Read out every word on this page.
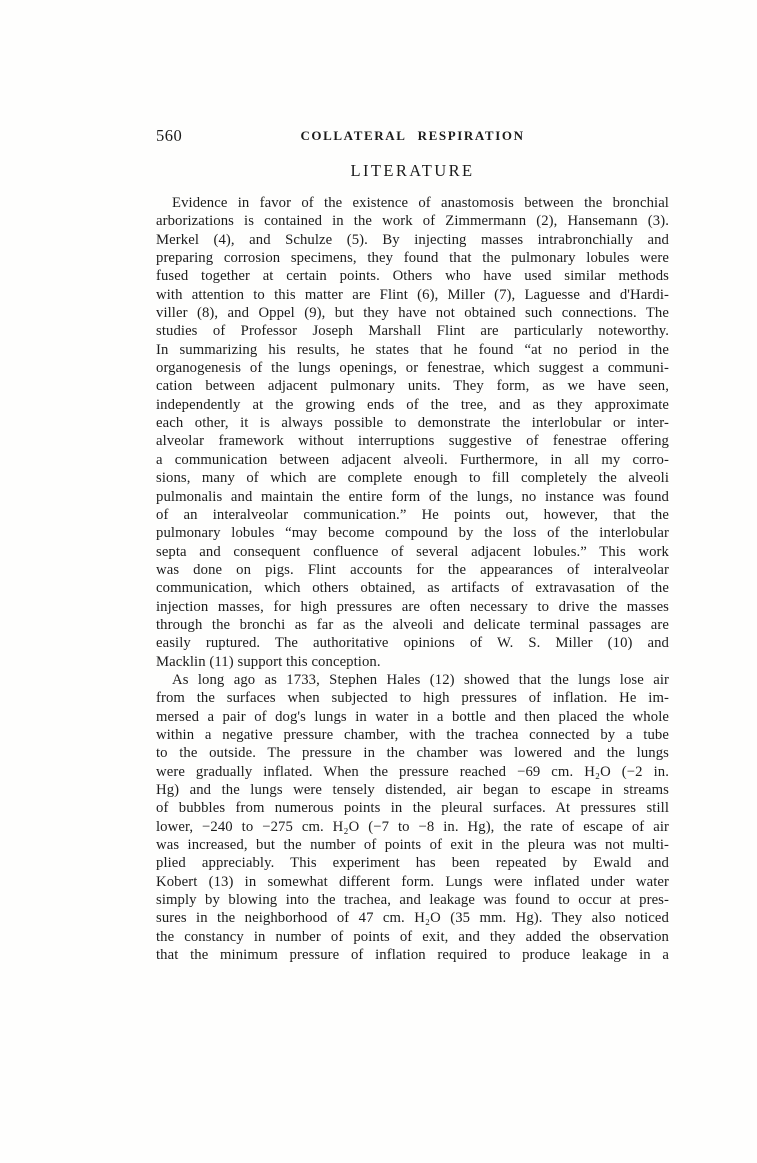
560	COLLATERAL RESPIRATION
LITERATURE
Evidence in favor of the existence of anastomosis between the bronchial
arborizations is contained in the work of Zimmermann (2), Hansemann (3).
Merkel (4), and Schulze (5). By injecting masses intrabronchially and
preparing corrosion specimens, they found that the pulmonary lobules were
fused together at certain points. Others who have used similar methods
with attention to this matter are Flint (6), Miller (7), Laguesse and d'Hardi-
viller (8), and Oppel (9), but they have not obtained such connections. The
studies of Professor Joseph Marshall Flint are particularly noteworthy.
In summarizing his results, he states that he found “at no period in the
organogenesis of the lungs openings, or fenestrae, which suggest a communi-
cation between adjacent pulmonary units. They form, as we have seen,
independently at the growing ends of the tree, and as they approximate
each other, it is always possible to demonstrate the interlobular or inter-
alveolar framework without interruptions suggestive of fenestrae offering
a communication between adjacent alveoli. Furthermore, in all my corro-
sions, many of which are complete enough to fill completely the alveoli
pulmonalis and maintain the entire form of the lungs, no instance was found
of an interalveolar communication.” He points out, however, that the
pulmonary lobules “may become compound by the loss of the interlobular
septa and consequent confluence of several adjacent lobules.” This work
was done on pigs. Flint accounts for the appearances of interalveolar
communication, which others obtained, as artifacts of extravasation of the
injection masses, for high pressures are often necessary to drive the masses
through the bronchi as far as the alveoli and delicate terminal passages are
easily ruptured. The authoritative opinions of W. S. Miller (10) and
Macklin (11) support this conception.
As long ago as 1733, Stephen Hales (12) showed that the lungs lose air
from the surfaces when subjected to high pressures of inflation. He im-
mersed a pair of dog's lungs in water in a bottle and then placed the whole
within a negative pressure chamber, with the trachea connected by a tube
to the outside. The pressure in the chamber was lowered and the lungs
were gradually inflated. When the pressure reached −69 cm. H₂O (−2 in.
Hg) and the lungs were tensely distended, air began to escape in streams
of bubbles from numerous points in the pleural surfaces. At pressures still
lower, −240 to −275 cm. H₂O (−7 to −8 in. Hg), the rate of escape of air
was increased, but the number of points of exit in the pleura was not multi-
plied appreciably. This experiment has been repeated by Ewald and
Kobert (13) in somewhat different form. Lungs were inflated under water
simply by blowing into the trachea, and leakage was found to occur at pres-
sures in the neighborhood of 47 cm. H₂O (35 mm. Hg). They also noticed
the constancy in number of points of exit, and they added the observation
that the minimum pressure of inflation required to produce leakage in a
